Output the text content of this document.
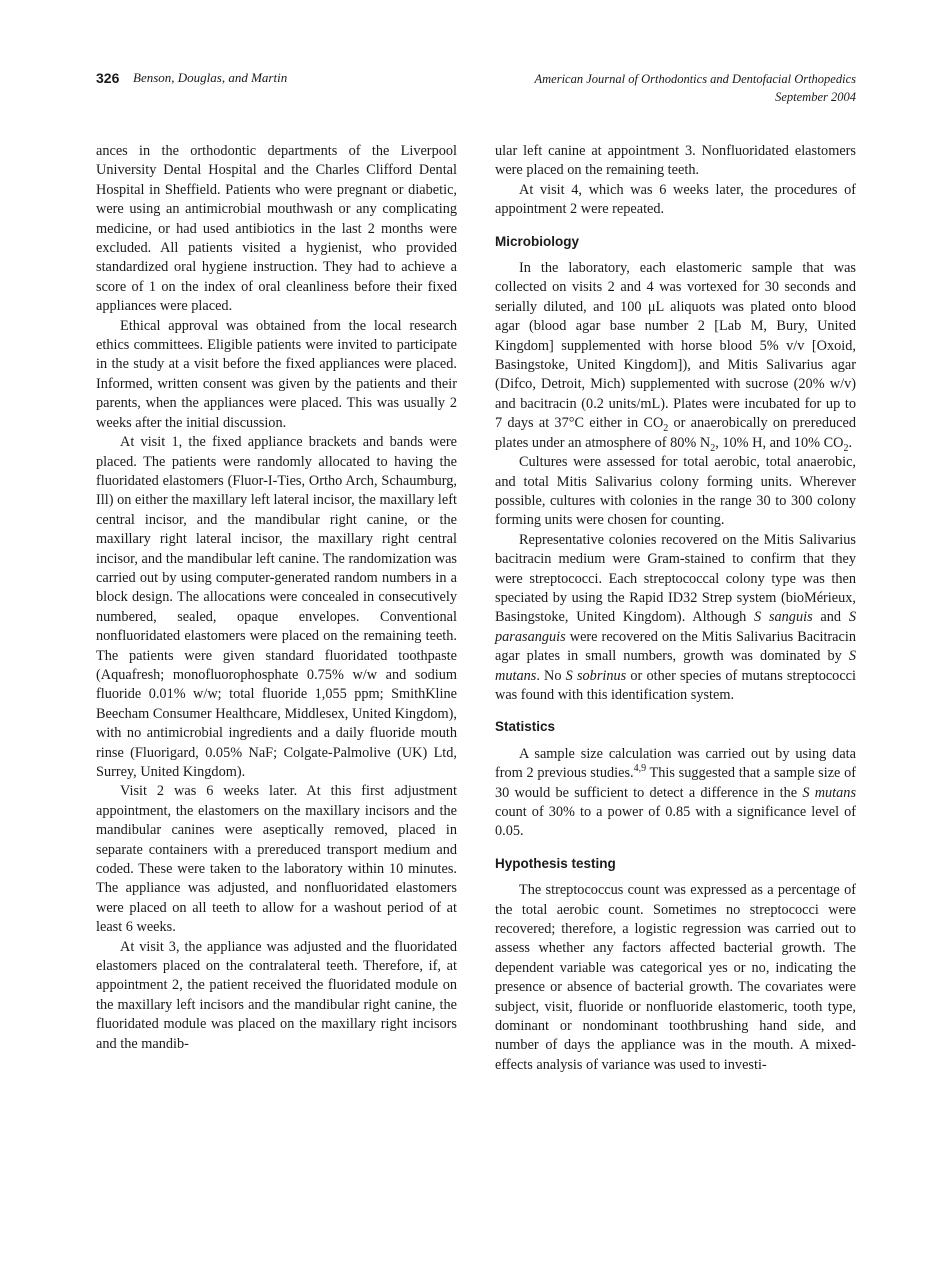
326 Benson, Douglas, and Martin	American Journal of Orthodontics and Dentofacial Orthopedics
September 2004

ances in the orthodontic departments of the Liverpool University Dental Hospital and the Charles Clifford Dental Hospital in Sheffield. Patients who were pregnant or diabetic, were using an antimicrobial mouthwash or any complicating medicine, or had used antibiotics in the last 2 months were excluded. All patients visited a hygienist, who provided standardized oral hygiene instruction. They had to achieve a score of 1 on the index of oral cleanliness before their fixed appliances were placed.

Ethical approval was obtained from the local research ethics committees. Eligible patients were invited to participate in the study at a visit before the fixed appliances were placed. Informed, written consent was given by the patients and their parents, when the appliances were placed. This was usually 2 weeks after the initial discussion.

At visit 1, the fixed appliance brackets and bands were placed. The patients were randomly allocated to having the fluoridated elastomers (Fluor-I-Ties, Ortho Arch, Schaumburg, Ill) on either the maxillary left lateral incisor, the maxillary left central incisor, and the mandibular right canine, or the maxillary right lateral incisor, the maxillary right central incisor, and the mandibular left canine. The randomization was carried out by using computer-generated random numbers in a block design. The allocations were concealed in consecutively numbered, sealed, opaque envelopes. Conventional nonfluoridated elastomers were placed on the remaining teeth. The patients were given standard fluoridated toothpaste (Aquafresh; monofluorophosphate 0.75% w/w and sodium fluoride 0.01% w/w; total fluoride 1,055 ppm; SmithKline Beecham Consumer Healthcare, Middlesex, United Kingdom), with no antimicrobial ingredients and a daily fluoride mouth rinse (Fluorigard, 0.05% NaF; Colgate-Palmolive (UK) Ltd, Surrey, United Kingdom).

Visit 2 was 6 weeks later. At this first adjustment appointment, the elastomers on the maxillary incisors and the mandibular canines were aseptically removed, placed in separate containers with a prereduced transport medium and coded. These were taken to the laboratory within 10 minutes. The appliance was adjusted, and nonfluoridated elastomers were placed on all teeth to allow for a washout period of at least 6 weeks.

At visit 3, the appliance was adjusted and the fluoridated elastomers placed on the contralateral teeth. Therefore, if, at appointment 2, the patient received the fluoridated module on the maxillary left incisors and the mandibular right canine, the fluoridated module was placed on the maxillary right incisors and the mandib-

ular left canine at appointment 3. Nonfluoridated elastomers were placed on the remaining teeth.

At visit 4, which was 6 weeks later, the procedures of appointment 2 were repeated.

Microbiology

In the laboratory, each elastomeric sample that was collected on visits 2 and 4 was vortexed for 30 seconds and serially diluted, and 100 μL aliquots was plated onto blood agar (blood agar base number 2 [Lab M, Bury, United Kingdom] supplemented with horse blood 5% v/v [Oxoid, Basingstoke, United Kingdom]), and Mitis Salivarius agar (Difco, Detroit, Mich) supplemented with sucrose (20% w/v) and bacitracin (0.2 units/mL). Plates were incubated for up to 7 days at 37°C either in $CO_2$ or anaerobically on prereduced plates under an atmosphere of 80% $N_2$, 10% H, and 10% $CO_2$.

Cultures were assessed for total aerobic, total anaerobic, and total Mitis Salivarius colony forming units. Wherever possible, cultures with colonies in the range 30 to 300 colony forming units were chosen for counting.

Representative colonies recovered on the Mitis Salivarius bacitracin medium were Gram-stained to confirm that they were streptococci. Each streptococcal colony type was then speciated by using the Rapid ID32 Strep system (bioMérieux, Basingstoke, United Kingdom). Although S sanguis and S parasanguis were recovered on the Mitis Salivarius Bacitracin agar plates in small numbers, growth was dominated by S mutans. No S sobrinus or other species of mutans streptococci was found with this identification system.

Statistics

A sample size calculation was carried out by using data from 2 previous studies.$^{4,9}$ This suggested that a sample size of 30 would be sufficient to detect a difference in the S mutans count of 30% to a power of 0.85 with a significance level of 0.05.

Hypothesis testing

The streptococcus count was expressed as a percentage of the total aerobic count. Sometimes no streptococci were recovered; therefore, a logistic regression was carried out to assess whether any factors affected bacterial growth. The dependent variable was categorical yes or no, indicating the presence or absence of bacterial growth. The covariates were subject, visit, fluoride or nonfluoride elastomeric, tooth type, dominant or nondominant toothbrushing hand side, and number of days the appliance was in the mouth. A mixed-effects analysis of variance was used to investi-
